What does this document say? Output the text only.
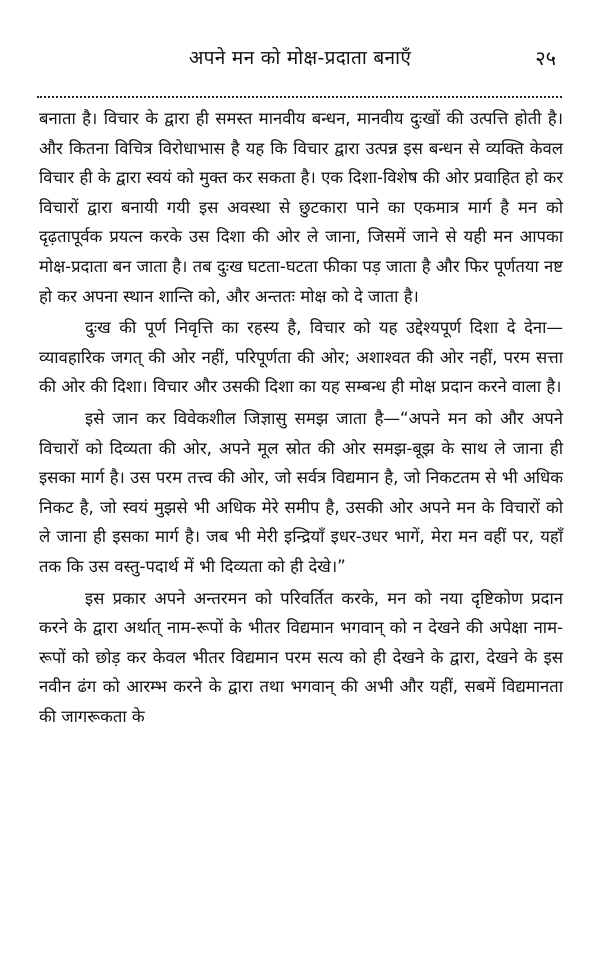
अपने मन को मोक्ष-प्रदाता बनाएँ	२५

बनाता है। विचार के द्वारा ही समस्त मानवीय बन्धन, मानवीय दुःखों की उत्पत्ति होती है। और कितना विचित्र विरोधाभास है यह कि विचार द्वारा उत्पन्न इस बन्धन से व्यक्ति केवल विचार ही के द्वारा स्वयं को मुक्त कर सकता है। एक दिशा-विशेष की ओर प्रवाहित हो कर विचारों द्वारा बनायी गयी इस अवस्था से छुटकारा पाने का एकमात्र मार्ग है मन को दृढ़तापूर्वक प्रयत्न करके उस दिशा की ओर ले जाना, जिसमें जाने से यही मन आपका मोक्ष-प्रदाता बन जाता है। तब दुःख घटता-घटता फीका पड़ जाता है और फिर पूर्णतया नष्ट हो कर अपना स्थान शान्ति को, और अन्ततः मोक्ष को दे जाता है।

दुःख की पूर्ण निवृत्ति का रहस्य है, विचार को यह उद्देश्यपूर्ण दिशा दे देना—व्यावहारिक जगत् की ओर नहीं, परिपूर्णता की ओर; अशाश्वत की ओर नहीं, परम सत्ता की ओर की दिशा। विचार और उसकी दिशा का यह सम्बन्ध ही मोक्ष प्रदान करने वाला है।

इसे जान कर विवेकशील जिज्ञासु समझ जाता है—“अपने मन को और अपने विचारों को दिव्यता की ओर, अपने मूल स्रोत की ओर समझ-बूझ के साथ ले जाना ही इसका मार्ग है। उस परम तत्त्व की ओर, जो सर्वत्र विद्यमान है, जो निकटतम से भी अधिक निकट है, जो स्वयं मुझसे भी अधिक मेरे समीप है, उसकी ओर अपने मन के विचारों को ले जाना ही इसका मार्ग है। जब भी मेरी इन्द्रियाँ इधर-उधर भागें, मेरा मन वहीं पर, यहाँ तक कि उस वस्तु-पदार्थ में भी दिव्यता को ही देखे।”

इस प्रकार अपने अन्तरमन को परिवर्तित करके, मन को नया दृष्टिकोण प्रदान करने के द्वारा अर्थात् नाम-रूपों के भीतर विद्यमान भगवान् को न देखने की अपेक्षा नाम-रूपों को छोड़ कर केवल भीतर विद्यमान परम सत्य को ही देखने के द्वारा, देखने के इस नवीन ढंग को आरम्भ करने के द्वारा तथा भगवान् की अभी और यहीं, सबमें विद्यमानता की जागरूकता के
